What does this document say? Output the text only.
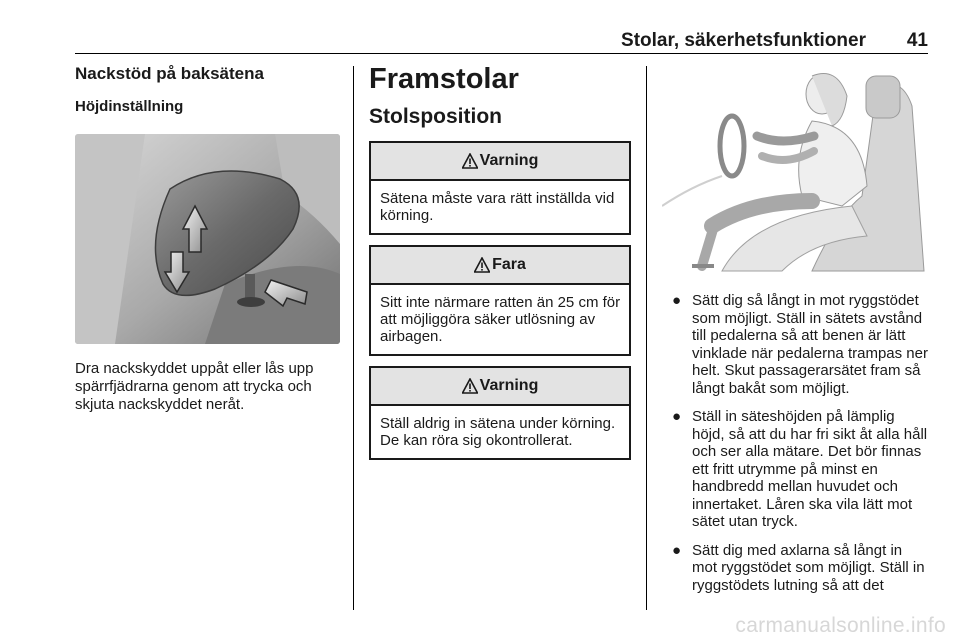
Stolar, säkerhetsfunktioner 41
Nackstöd på baksätena
Höjdinställning

Dra nackskyddet uppåt eller lås upp spärrfjädrarna genom att trycka och skjuta nackskyddet neråt.

Framstolar
Stolsposition
Varning
Sätena måste vara rätt inställda vid körning.
Fara
Sitt inte närmare ratten än 25 cm för att möjliggöra säker utlösning av airbagen.
Varning
Ställ aldrig in sätena under körning. De kan röra sig okontrollerat.
● Sätt dig så långt in mot ryggstödet som möjligt. Ställ in sätets avstånd till pedalerna så att benen är lätt vinklade när pedalerna trampas ner helt. Skut passagerarsätet fram så långt bakåt som möjligt.
● Ställ in säteshöjden på lämplig höjd, så att du har fri sikt åt alla håll och ser alla mätare. Det bör finnas ett fritt utrymme på minst en handbredd mellan huvudet och innertaket. Låren ska vila lätt mot sätet utan tryck.
● Sätt dig med axlarna så långt in mot ryggstödet som möjligt. Ställ in ryggstödets lutning så att det
carmanualsonline.info
